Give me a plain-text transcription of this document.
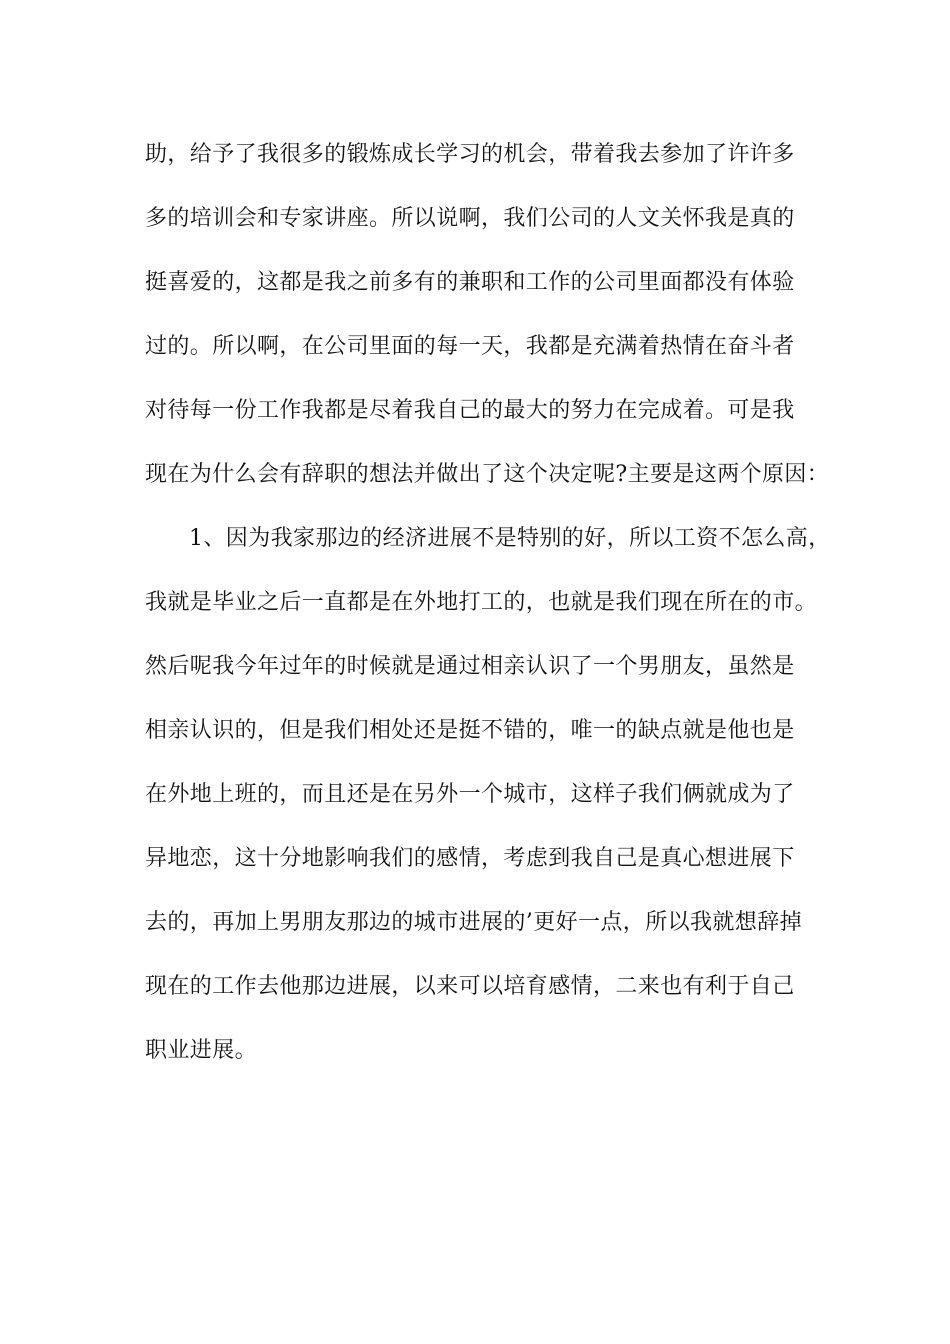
助，给予了我很多的锻炼成长学习的机会，带着我去参加了许许多
多的培训会和专家讲座。所以说啊，我们公司的人文关怀我是真的
挺喜爱的，这都是我之前多有的兼职和工作的公司里面都没有体验
过的。所以啊，在公司里面的每一天，我都是充满着热情在奋斗者
对待每一份工作我都是尽着我自己的最大的努力在完成着。可是我
现在为什么会有辞职的想法并做出了这个决定呢?主要是这两个原因：
1、因为我家那边的经济进展不是特别的好，所以工资不怎么高，
我就是毕业之后一直都是在外地打工的，也就是我们现在所在的市。
然后呢我今年过年的时候就是通过相亲认识了一个男朋友，虽然是
相亲认识的，但是我们相处还是挺不错的，唯一的缺点就是他也是
在外地上班的，而且还是在另外一个城市，这样子我们俩就成为了
异地恋，这十分地影响我们的感情，考虑到我自己是真心想进展下
去的，再加上男朋友那边的城市进展的’更好一点，所以我就想辞掉
现在的工作去他那边进展，以来可以培育感情，二来也有利于自己
职业进展。
